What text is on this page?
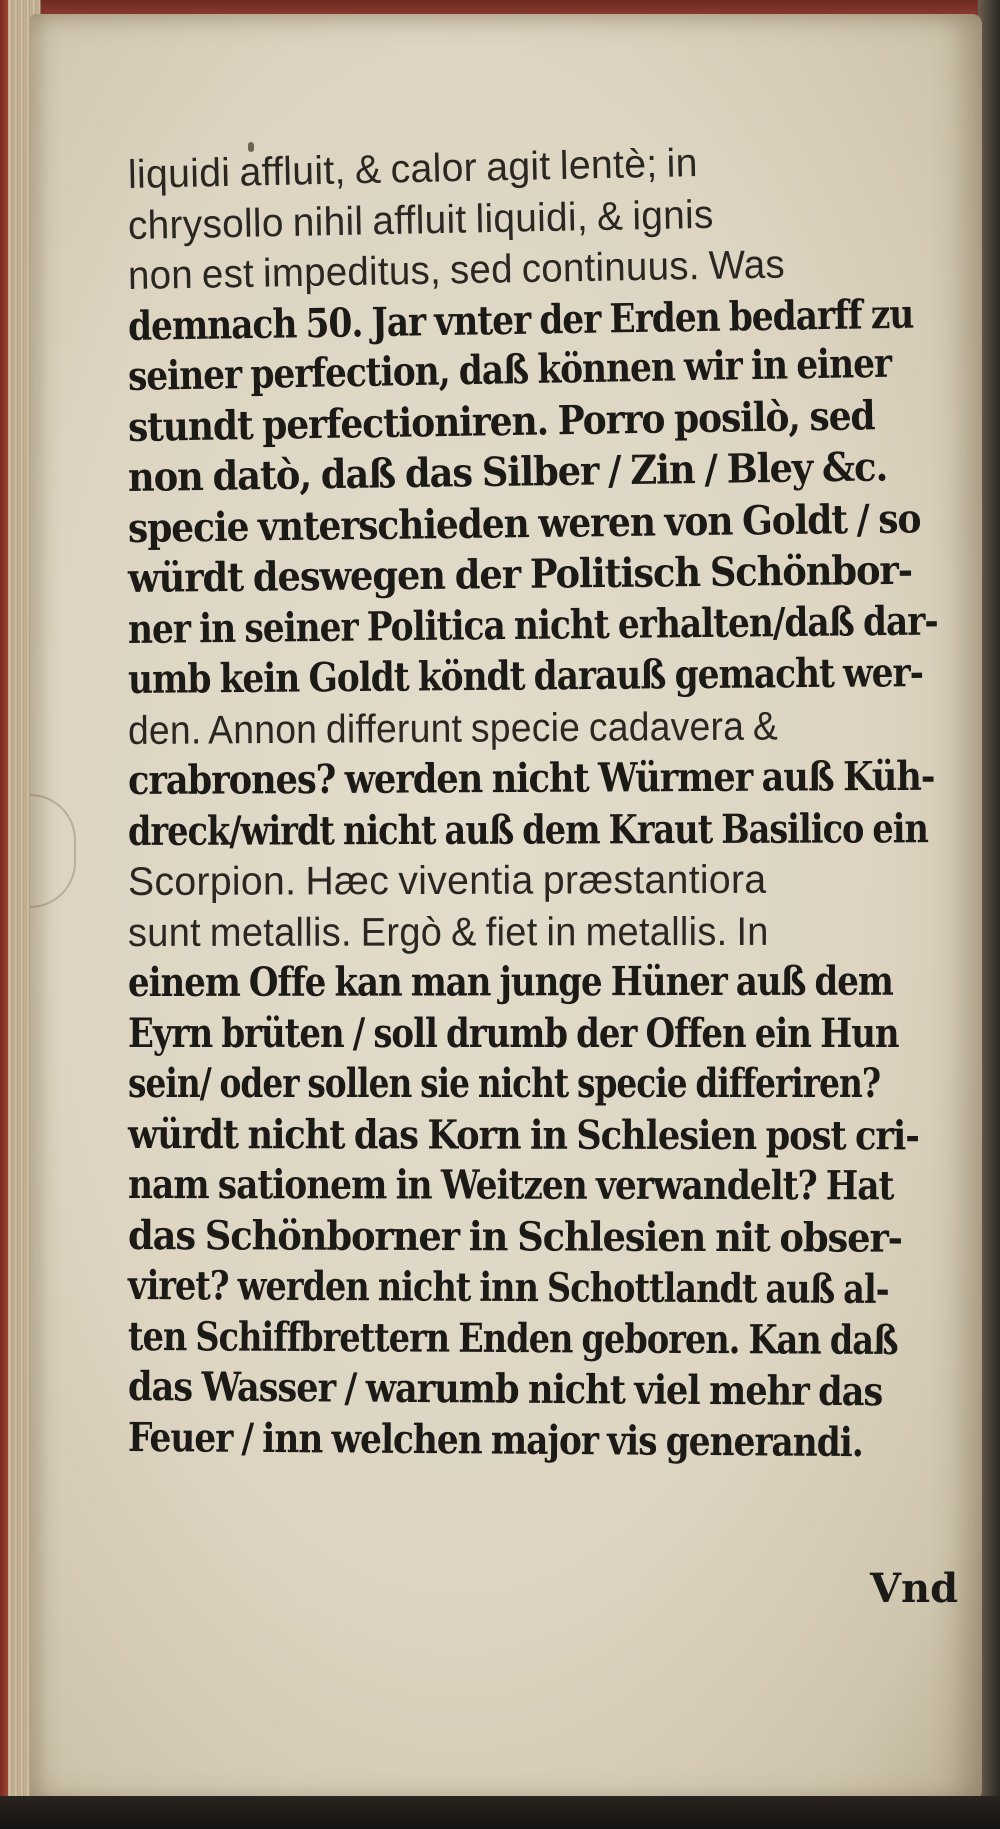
liquidi affluit, & calor agit lentè; in
chrysollo nihil affluit liquidi, & ignis
non est impeditus, sed continuus. Was
demnach 50. Jar vnter der Erden bedarff zu
seiner perfection, daß können wir in einer
stundt perfectioniren. Porro posilò, sed
non datò, daß das Silber / Zin / Bley &c.
specie vnterschieden weren von Goldt / so
würdt deswegen der Politisch Schönbor-
ner in seiner Politica nicht erhalten/daß dar-
umb kein Goldt köndt darauß gemacht wer-
den. Annon differunt specie cadavera &
crabrones? werden nicht Würmer auß Küh-
dreck/wirdt nicht auß dem Kraut Basilico ein
Scorpion. Hæc viventia præstantiora
sunt metallis. Ergò & fiet in metallis. In
einem Offe kan man junge Hüner auß dem
Eyrn brüten / soll drumb der Offen ein Hun
sein/ oder sollen sie nicht specie differiren?
würdt nicht das Korn in Schlesien post cri-
nam sationem in Weitzen verwandelt? Hat
das Schönborner in Schlesien nit obser-
viret? werden nicht inn Schottlandt auß al-
ten Schiffbrettern Enden geboren. Kan daß
das Wasser / warumb nicht viel mehr das
Feuer / inn welchen major vis generandi.
Vnd
